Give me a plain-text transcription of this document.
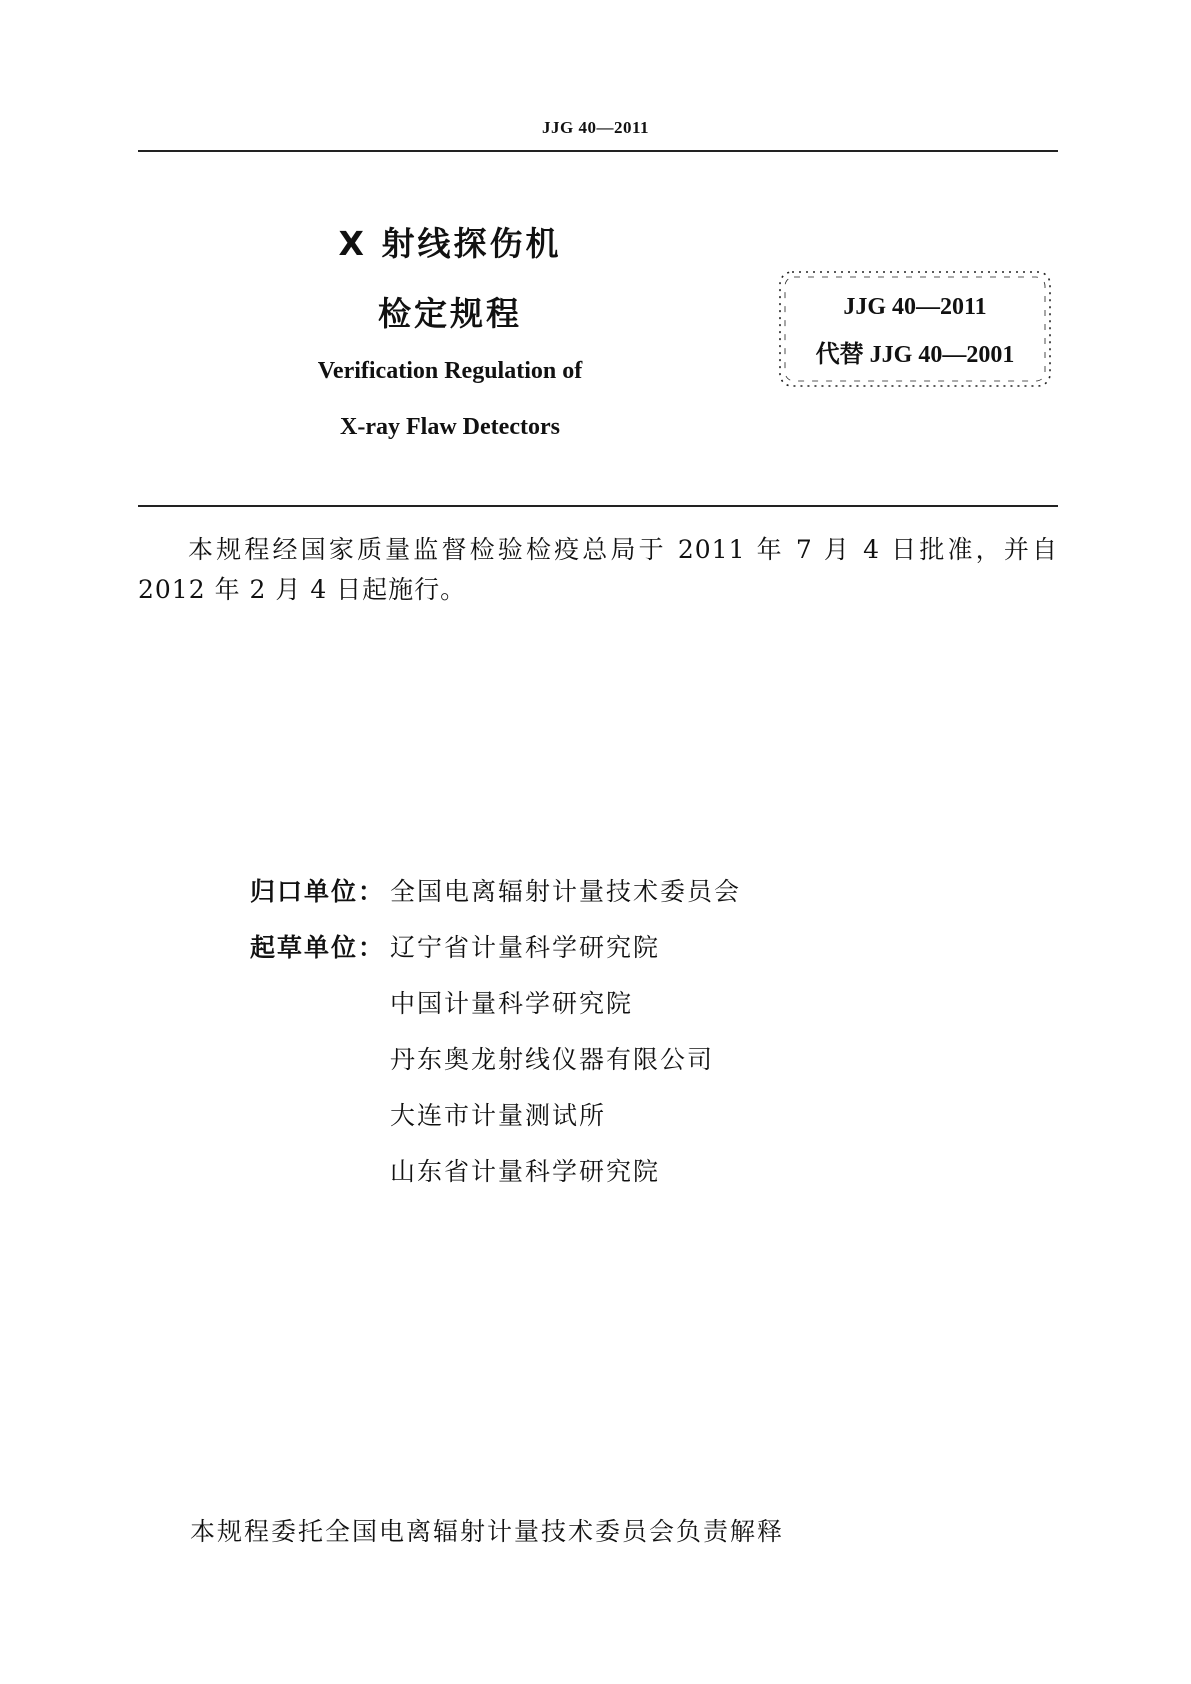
JJG 40—2011
X 射线探伤机
检定规程
Verification Regulation of
X-ray Flaw Detectors
JJG 40—2011
代替 JJG 40—2001
本规程经国家质量监督检验检疫总局于 2011 年 7 月 4 日批准，并自 2012 年 2 月 4 日起施行。
归口单位： 全国电离辐射计量技术委员会
起草单位： 辽宁省计量科学研究院
中国计量科学研究院
丹东奥龙射线仪器有限公司
大连市计量测试所
山东省计量科学研究院
本规程委托全国电离辐射计量技术委员会负责解释
